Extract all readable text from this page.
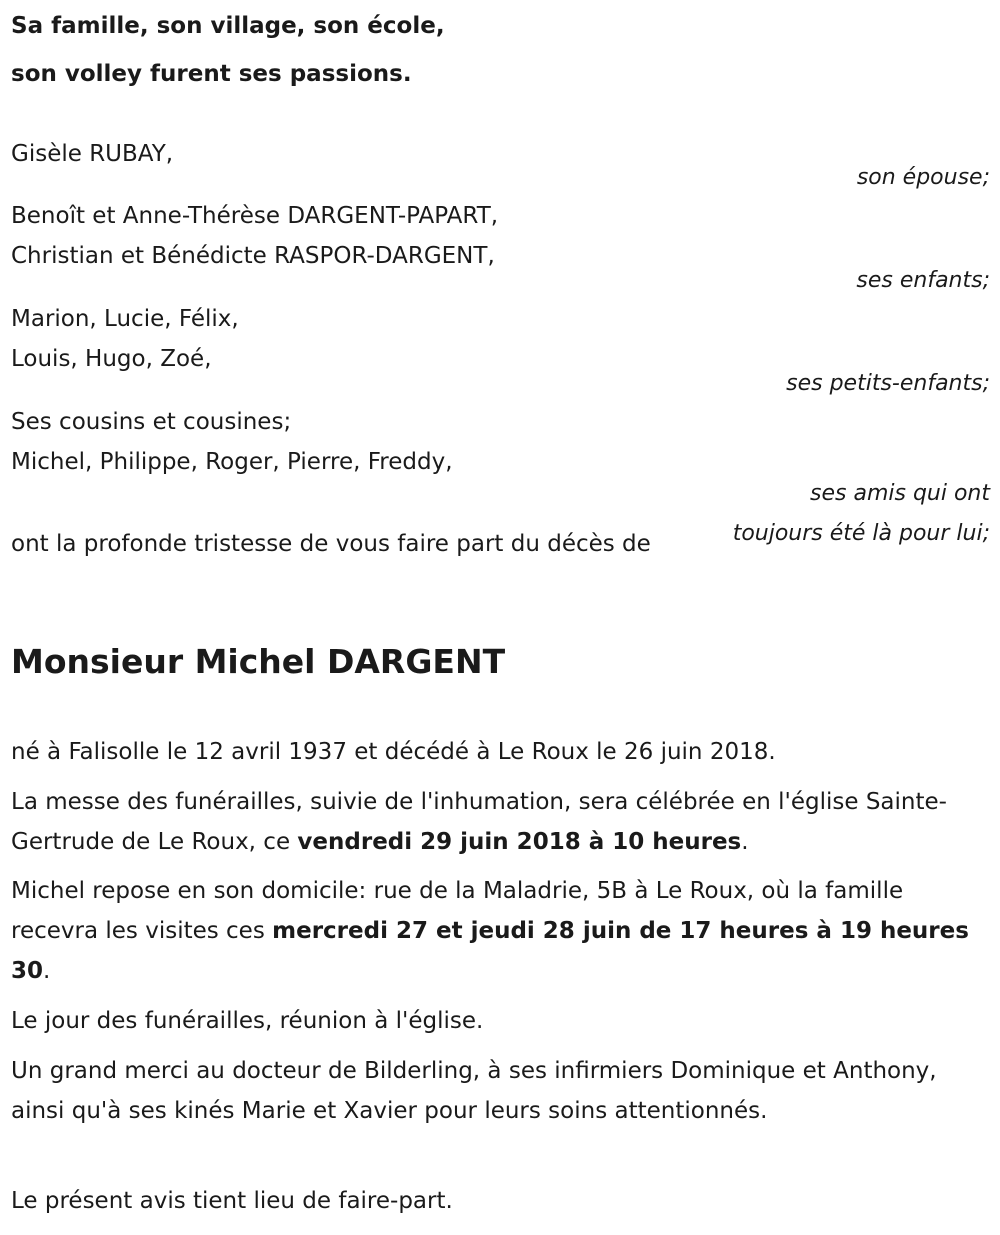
Sa famille, son village, son école,
son volley furent ses passions.
Gisèle RUBAY,
son épouse;
Benoît et Anne-Thérèse DARGENT-PAPART,
Christian et Bénédicte RASPOR-DARGENT,
ses enfants;
Marion, Lucie, Félix,
Louis, Hugo, Zoé,
ses petits-enfants;
Ses cousins et cousines;
Michel, Philippe, Roger, Pierre, Freddy,
ses amis qui ont toujours été là pour lui;
ont la profonde tristesse de vous faire part du décès de
Monsieur Michel DARGENT
né à Falisolle le 12 avril 1937 et décédé à Le Roux le 26 juin 2018.
La messe des funérailles, suivie de l'inhumation, sera célébrée en l'église Sainte-Gertrude de Le Roux, ce vendredi 29 juin 2018 à 10 heures.
Michel repose en son domicile: rue de la Maladrie, 5B à Le Roux, où la famille recevra les visites ces mercredi 27 et jeudi 28 juin de 17 heures à 19 heures 30.
Le jour des funérailles, réunion à l'église.
Un grand merci au docteur de Bilderling, à ses infirmiers Dominique et Anthony, ainsi qu'à ses kinés Marie et Xavier pour leurs soins attentionnés.
Le présent avis tient lieu de faire-part.
